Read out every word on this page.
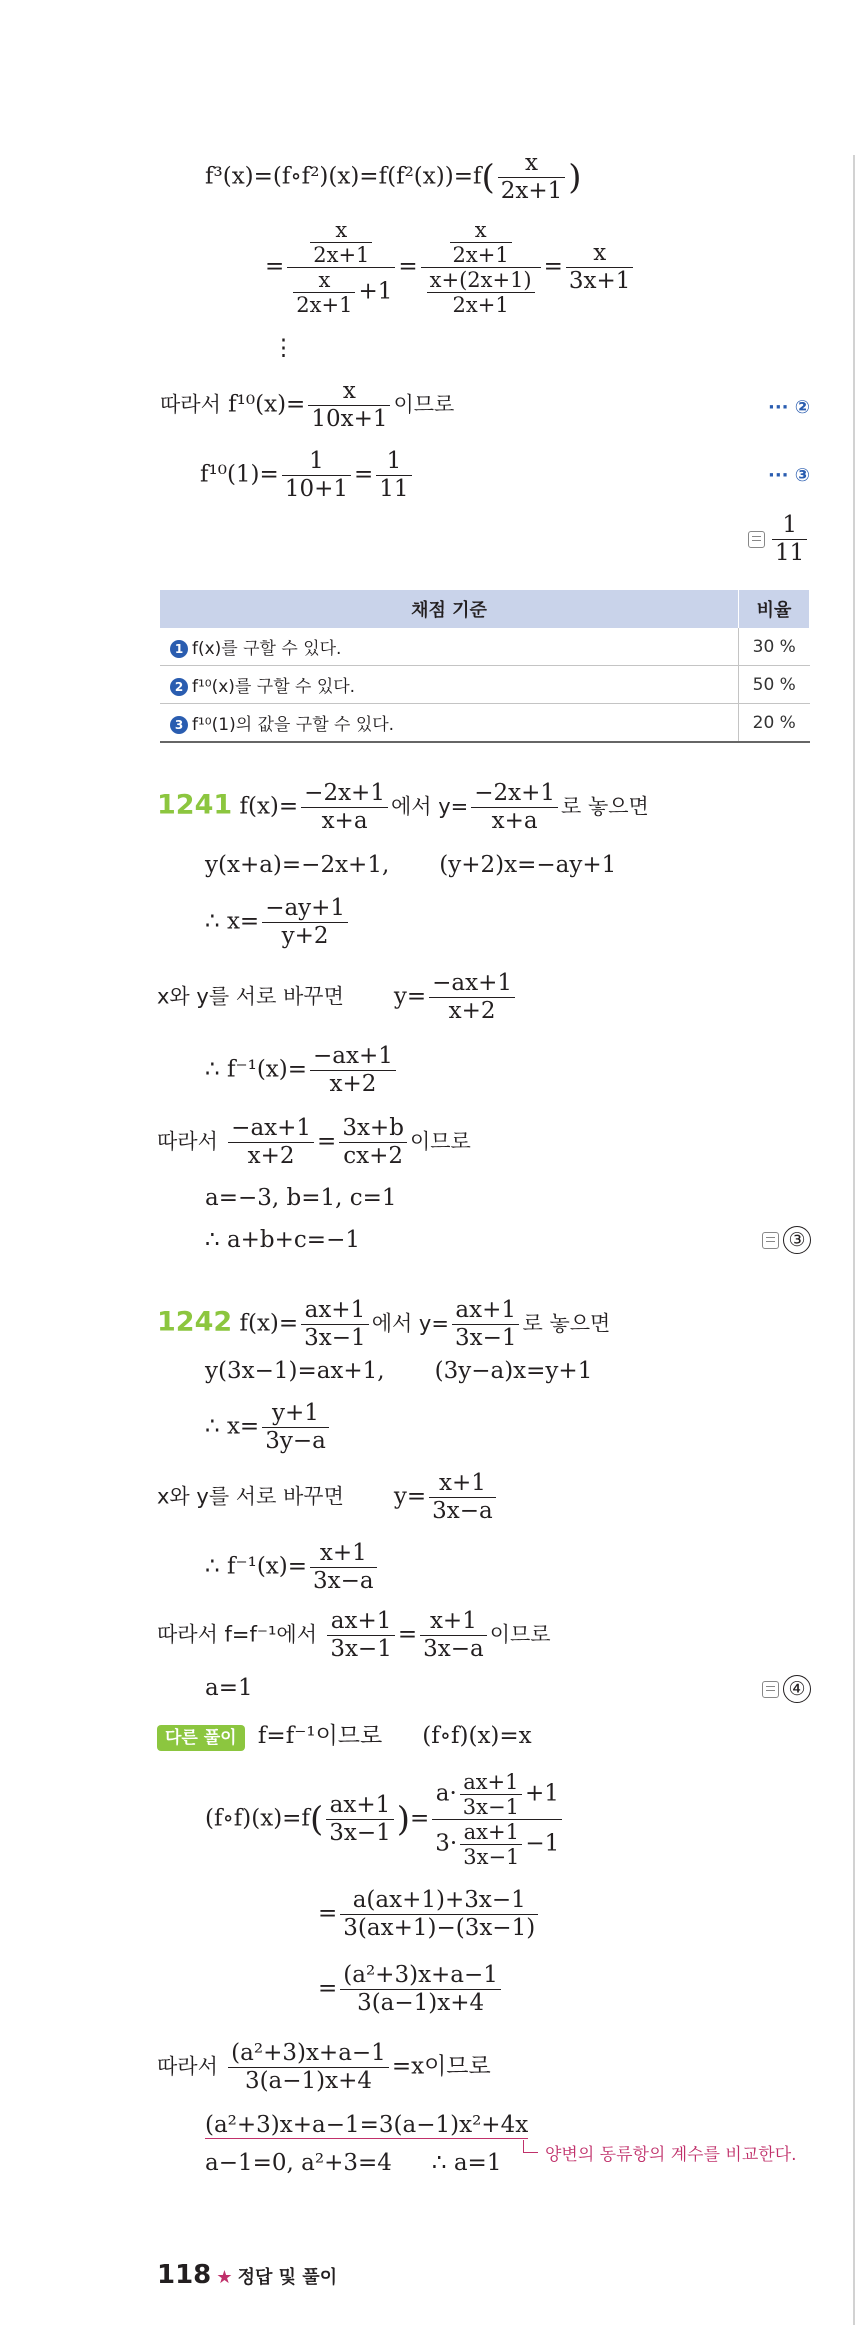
f³(x)=(f∘f²)(x)=f(f²(x))=f( $\frac{x}{2x+1}$ )
= $\frac{\frac{x}{2x+1}}{\frac{x}{2x+1} +1} = \frac{\frac{x}{2x+1}}{\frac{x+(2x+1)}{2x+1}} = \frac{x}{3x+1}$
⋮
따라서 $f^{10}(x)= \frac{x}{10x+1}$ 이므로	··· ②
$f^{10}(1)= \frac{1}{10+1} = \frac{1}{11}$	··· ③
$\frac{1}{11}$
채점 기준	비율
1 f(x)를 구할 수 있다.	30 %
2 f¹⁰(x)를 구할 수 있다.	50 %
3 f¹⁰(1)의 값을 구할 수 있다.	20 %
1241 $f(x)= \frac{-2x+1}{x+a}$ 에서 $y= \frac{-2x+1}{x+a}$ 로 놓으면
y(x+a)=−2x+1, (y+2)x=−ay+1
∴ $x= \frac{-ay+1}{y+2}$
x와 y를 서로 바꾸면 $y= \frac{-ax+1}{x+2}$
∴ $f^{-1}(x)= \frac{-ax+1}{x+2}$
따라서 $\frac{-ax+1}{x+2} = \frac{3x+b}{cx+2}$ 이므로
a=−3, b=1, c=1
∴ a+b+c=−1	③
1242 $f(x)= \frac{ax+1}{3x-1}$ 에서 $y= \frac{ax+1}{3x-1}$ 로 놓으면
y(3x−1)=ax+1, (3y−a)x=y+1
∴ $x= \frac{y+1}{3y-a}$
x와 y를 서로 바꾸면 $y= \frac{x+1}{3x-a}$
∴ $f^{-1}(x)= \frac{x+1}{3x-a}$
따라서 f=f⁻¹에서 $\frac{ax+1}{3x-1} = \frac{x+1}{3x-a}$ 이므로
a=1	④
다른 풀이 f=f⁻¹이므로 (f∘f)(x)=x
(f∘f)(x)=f( $\frac{ax+1}{3x-1}$ )= $\frac{a\cdot \frac{ax+1}{3x-1} +1}{3\cdot \frac{ax+1}{3x-1} -1}$
= $\frac{a(ax+1)+3x-1}{3(ax+1)-(3x-1)}$
= $\frac{\text{(a²+3)x+a−1}}{3(a-1)x+4}$
따라서 $\frac{\text{(a²+3)x+a−1}}{3(a-1)x+4} =x$이므로
(a²+3)x+a−1=3(a−1)x²+4x
a−1=0, a²+3=4 ∴ a=1	양변의 동류항의 계수를 비교한다.
118 ★ 정답 및 풀이
